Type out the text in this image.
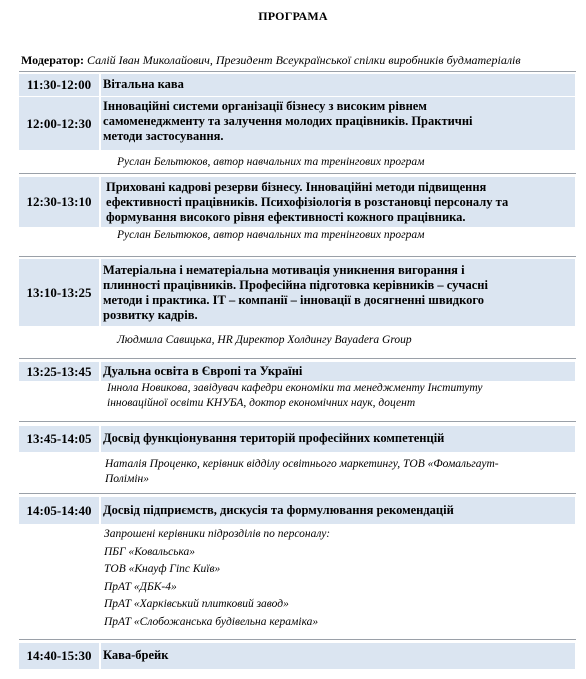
ПРОГРАМА
Модератор: Салій Іван Миколайович, Президент Всеукраїнської спілки виробників будматеріалів
11:30-12:00 Вітальна кава
12:00-12:30
Інноваційні системи організації бізнесу з високим рівнем
самоменеджменту та залучення молодих працівників. Практичні
методи застосування.
Руслан Бельтюков, автор навчальних та тренінгових програм
12:30-13:10
Приховані кадрові резерви бізнесу. Інноваційні методи підвищення
ефективності працівників. Психофізіологія в розстановці персоналу та
формування високого рівня ефективності кожного працівника.
Руслан Бельтюков, автор навчальних та тренінгових програм
13:10-13:25
Матеріальна і нематеріальна мотивація уникнення вигорання і
плинності працівників. Професійна підготовка керівників – сучасні
методи і практика. ІТ – компанії – інновації в досягненні швидкого
розвитку кадрів.
Людмила Савицька, HR Директор Холдингу Bayadera Group
13:25-13:45 Дуальна освіта в Європі та Україні
Іннола Новикова, завідувач кафедри економіки та менеджменту Інституту
інноваційної освіти КНУБА, доктор економічних наук, доцент
13:45-14:05 Досвід функціонування територій професійних компетенцій
Наталія Проценко, керівник відділу освітнього маркетингу, ТОВ «Фомальгаут-
Полімін»
14:05-14:40 Досвід підприємств, дискусія та формулювання рекомендацій
Запрошені керівники підрозділів по персоналу:
ПБГ «Ковальська»
ТОВ «Кнауф Гіпс Київ»
ПрАТ «ДБК-4»
ПрАТ «Харківський плитковий завод»
ПрАТ «Слобожанська будівельна кераміка»
14:40-15:30 Кава-брейк
